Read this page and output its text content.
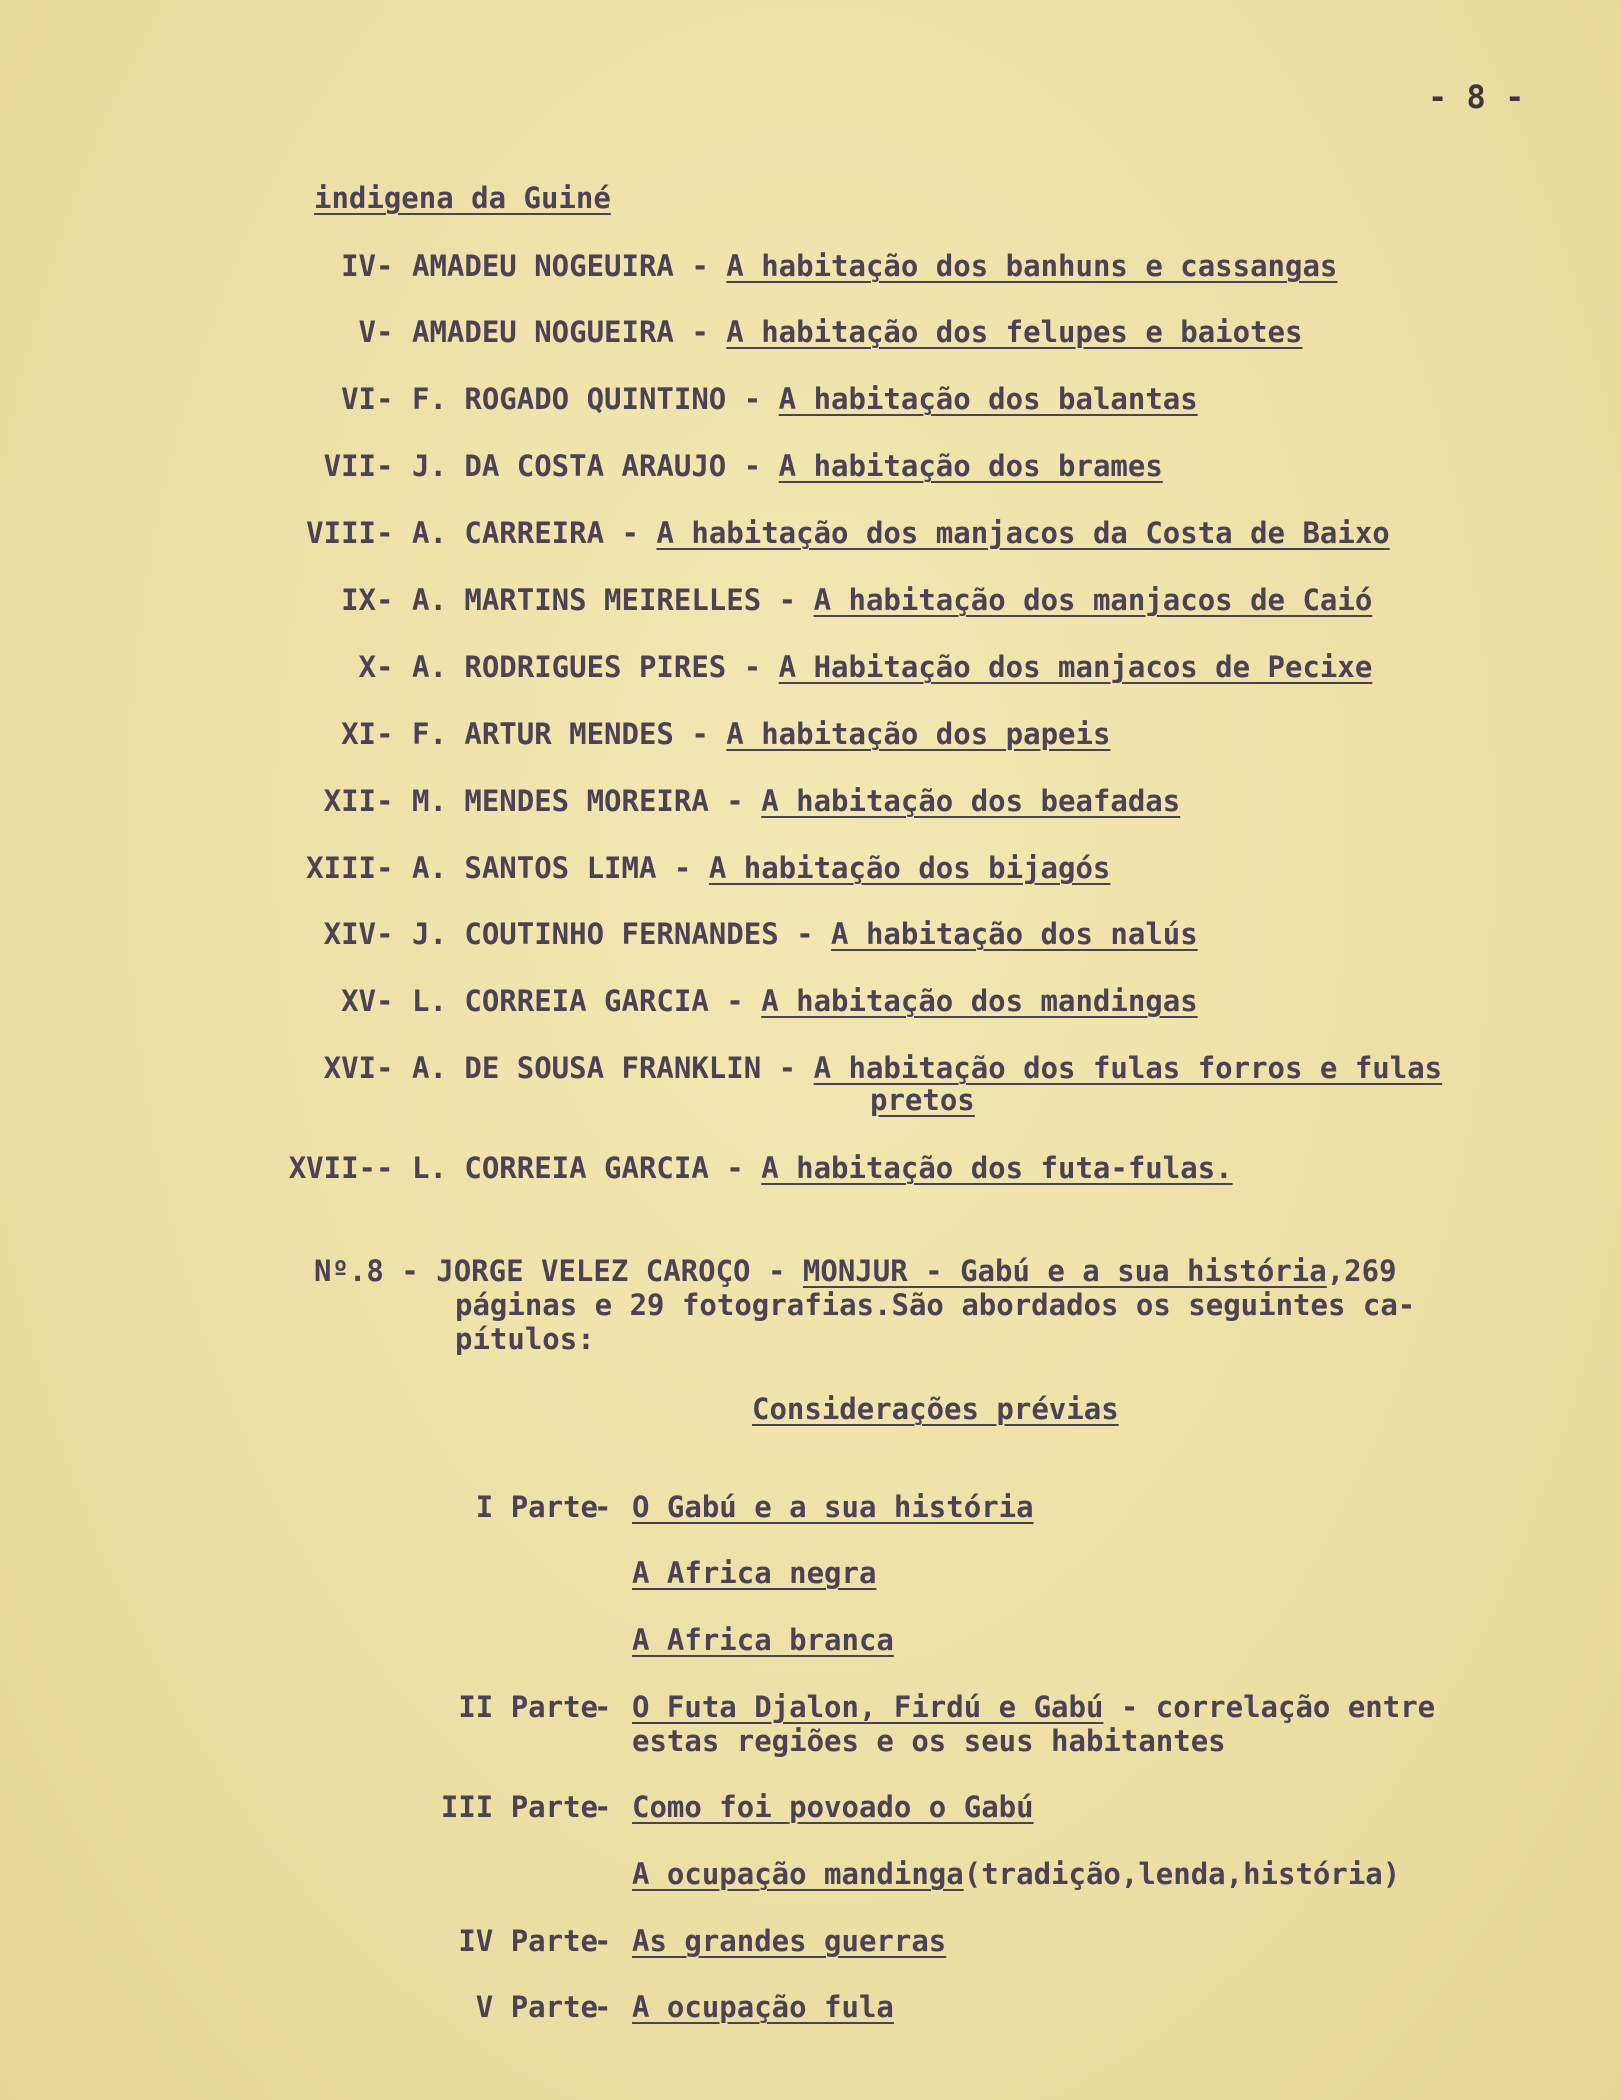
- 8 -
indigena da Guiné
IV - AMADEU NOGEUIRA - A habitação dos banhuns e cassangas
V - AMADEU NOGUEIRA - A habitação dos felupes e baiotes
VI - F. ROGADO QUINTINO - A habitação dos balantas
VII - J. DA COSTA ARAUJO - A habitação dos brames
VIII - A. CARREIRA - A habitação dos manjacos da Costa de Baixo
IX - A. MARTINS MEIRELLES - A habitação dos manjacos de Caió
X - A. RODRIGUES PIRES - A Habitação dos manjacos de Pecixe
XI - F. ARTUR MENDES - A habitação dos papeis
XII - M. MENDES MOREIRA - A habitação dos beafadas
XIII - A. SANTOS LIMA - A habitação dos bijagós
XIV - J. COUTINHO FERNANDES - A habitação dos nalús
XV - L. CORREIA GARCIA - A habitação dos mandingas
XVI - A. DE SOUSA FRANKLIN - A habitação dos fulas forros e fulas
pretos
XVII- - L. CORREIA GARCIA - A habitação dos futa-fulas.
Nº.8 - JORGE VELEZ CAROÇO - MONJUR - Gabú e a sua história,269
páginas e 29 fotografias.São abordados os seguintes ca-
pítulos:
Considerações prévias
I Parte
- O Gabú e a sua história
A Africa negra
A Africa branca
II Parte
- O Futa Djalon, Firdú e Gabú - correlação entre
estas regiões e os seus habitantes
III Parte
- Como foi povoado o Gabú
A ocupação mandinga(tradição,lenda,história)
IV Parte
- As grandes guerras
V Parte
- A ocupação fula
